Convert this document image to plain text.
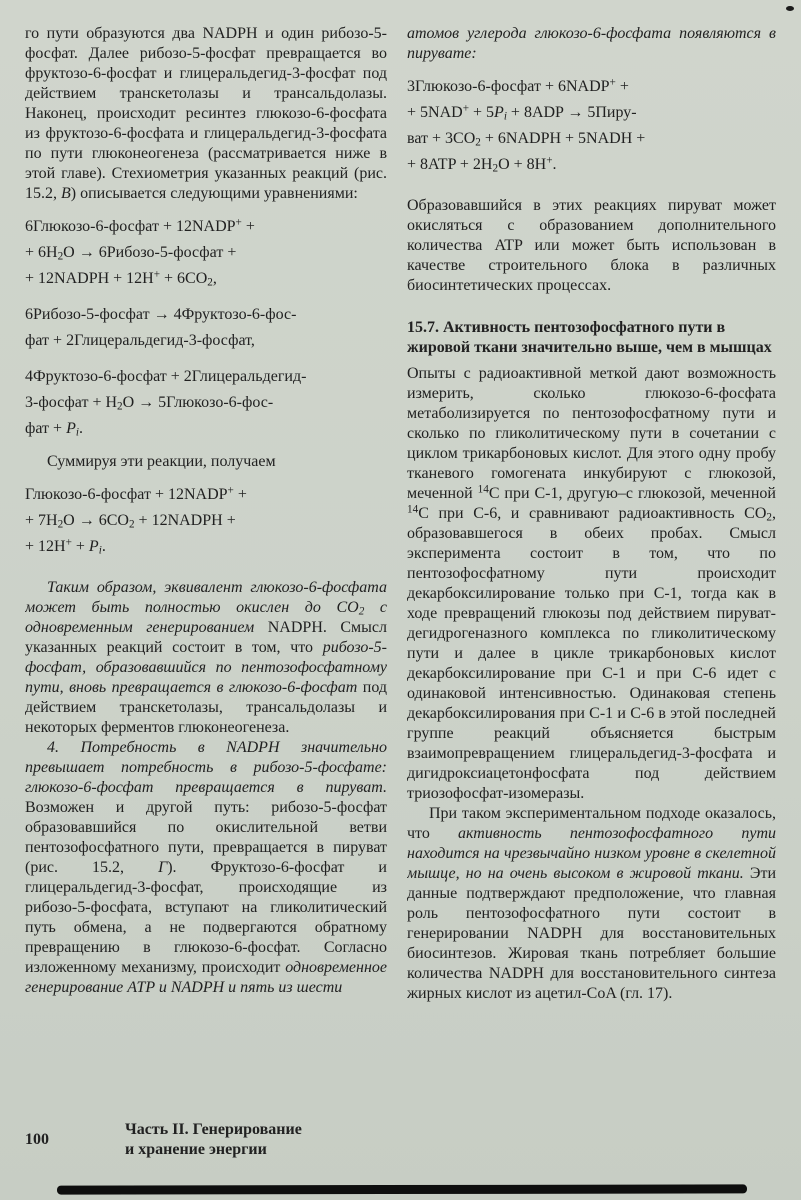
го пути образуются два NADPH и один рибозо-5-фосфат. Далее рибозо-5-фосфат превращается во фруктозо-6-фосфат и глицеральдегид-3-фосфат под действием транскетолазы и трансальдолазы. Наконец, происходит ресинтез глюкозо-6-фосфата из фруктозо-6-фосфата и глицеральдегид-3-фосфата по пути глюконеогенеза (рассматривается ниже в этой главе). Стехиометрия указанных реакций (рис. 15.2, В) описывается следующими уравнениями:
6Глюкозо-6-фосфат + 12NADP+ +
+ $6H_2O$ → 6Рибозо-5-фосфат +
+ 12NADPH + $12H^+ + 6CO_2$,
6Рибозо-5-фосфат → 4Фруктозо-6-фос-
фат + 2Глицеральдегид-3-фосфат,
4Фруктозо-6-фосфат + 2Глицеральдегид-
3-фосфат + $H_2O$ → 5Глюкозо-6-фос-
фат + $P_i$.
Суммируя эти реакции, получаем
Глюкозо-6-фосфат + 12NADP+ +
+ $7H_2O \to 6CO_2$ + 12NADPH +
+ $12H^+ + P_i$.
Таким образом, эквивалент глюкозо-6-фосфата может быть полностью окислен до $CO_2$ с одновременным генерированием NADPH. Смысл указанных реакций состоит в том, что рибозо-5-фосфат, образовавшийся по пентозофосфатному пути, вновь превращается в глюкозо-6-фосфат под действием транскетолазы, трансальдолазы и некоторых ферментов глюконеогенеза.
4. Потребность в NADPH значительно превышает потребность в рибозо-5-фосфате: глюкозо-6-фосфат превращается в пируват. Возможен и другой путь: рибозо-5-фосфат образовавшийся по окислительной ветви пентозофосфатного пути, превращается в пируват (рис. 15.2, Г). Фруктозо-6-фосфат и глицеральдегид-3-фосфат, происходящие из рибозо-5-фосфата, вступают на гликолитический путь обмена, а не подвергаются обратному превращению в глюкозо-6-фосфат. Согласно изложенному механизму, происходит одновременное генерирование ATP и NADPH и пять из шести
атомов углерода глюкозо-6-фосфата появляются в пирувате:
3Глюкозо-6-фосфат + 6NADP+ +
+ $5NAD^+ + 5P_i + 8ADP$ → 5Пиру-
ват + $3CO_2$ + 6NADPH + 5NADH +
+ $8ATP + 2H_2O + 8H^+$.
Образовавшийся в этих реакциях пируват может окисляться с образованием дополнительного количества ATP или может быть использован в качестве строительного блока в различных биосинтетических процессах.
15.7. Активность пентозофосфатного пути в жировой ткани значительно выше, чем в мышцах
Опыты с радиоактивной меткой дают возможность измерить, сколько глюкозо-6-фосфата метаболизируется по пентозофосфатному пути и сколько по гликолитическому пути в сочетании с циклом трикарбоновых кислот. Для этого одну пробу тканевого гомогената инкубируют с глюкозой, меченной $^{14}$C при C-1, другую–с глюкозой, меченной $^{14}$C при C-6, и сравнивают радиоактивность $CO_2$, образовавшегося в обеих пробах. Смысл эксперимента состоит в том, что по пентозофосфатному пути происходит декарбоксилирование только при C-1, тогда как в ходе превращений глюкозы под действием пируват-дегидрогеназного комплекса по гликолитическому пути и далее в цикле трикарбоновых кислот декарбоксилирование при C-1 и при C-6 идет с одинаковой интенсивностью. Одинаковая степень декарбоксилирования при C-1 и C-6 в этой последней группе реакций объясняется быстрым взаимопревращением глицеральдегид-3-фосфата и дигидроксиацетонфосфата под действием триозофосфат-изомеразы.
При таком экспериментальном подходе оказалось, что активность пентозофосфатного пути находится на чрезвычайно низком уровне в скелетной мышце, но на очень высоком в жировой ткани. Эти данные подтверждают предположение, что главная роль пентозофосфатного пути состоит в генерировании NADPH для восстановительных биосинтезов. Жировая ткань потребляет большие количества NADPH для восстановительного синтеза жирных кислот из ацетил-CoA (гл. 17).
100
Часть II. Генерирование
и хранение энергии
